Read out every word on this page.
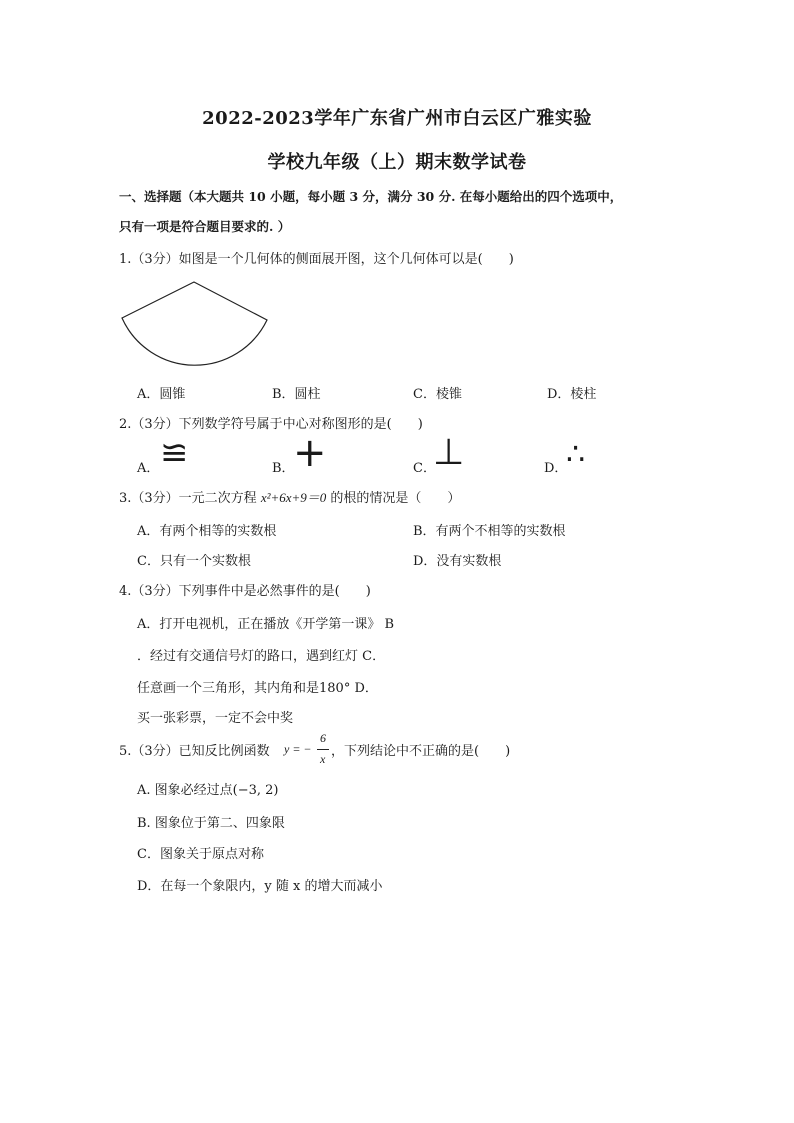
2022-2023学年广东省广州市白云区广雅实验
学校九年级（上）期末数学试卷
一、选择题（本大题共 10 小题，每小题 3 分，满分 30 分. 在每小题给出的四个选项中，
只有一项是符合题目要求的. ）
1.（3分）如图是一个几何体的侧面展开图，这个几何体可以是(　　)
A．圆锥	B．圆柱	C．棱锥	D．棱柱
2.（3分）下列数学符号属于中心对称图形的是(　　)
A． ≌	B．
+	C．
⊥	D．
∴
3.（3分）一元二次方程 x²+6x+9＝0 的根的情况是（　　）
A．有两个相等的实数根	B．有两个不相等的实数根
C．只有一个实数根	D．没有实数根
4.（3分）下列事件中是必然事件的是(　　)
A．打开电视机，正在播放《开学第一课》 B
．经过有交通信号灯的路口，遇到红灯 C．
任意画一个三角形，其内角和是180° D．
买一张彩票，一定不会中奖
5.（3分）已知反比例函数 y = −
6
x ，下列结论中不正确的是(　　)
A. 图象必经过点(−3, 2)
B. 图象位于第二、四象限
C．图象关于原点对称
D．在每一个象限内，y 随 x 的增大而减小
